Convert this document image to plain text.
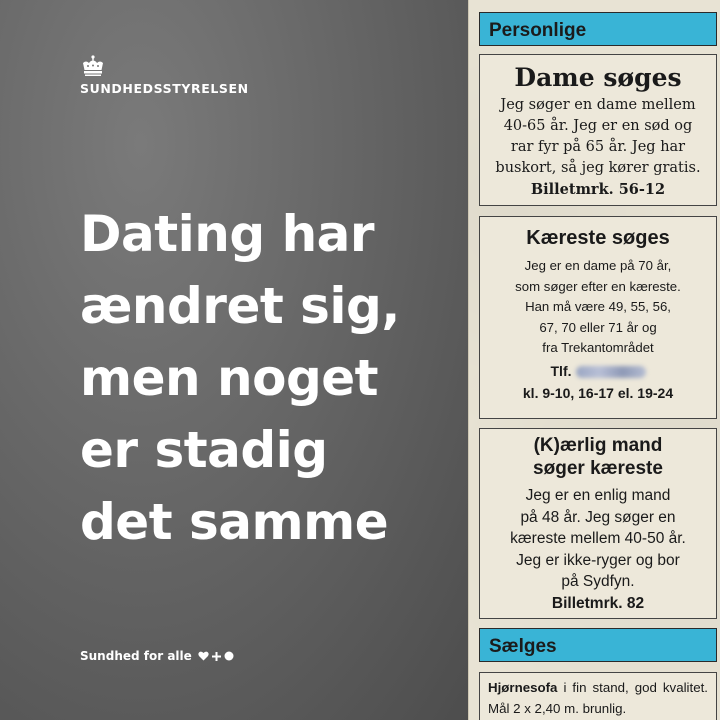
SUNDHEDSSTYRELSEN
Dating har
ændret sig,
men noget
er stadig
det samme
Sundhed for alle
Personlige
Dame søges
Jeg søger en dame mellem
40-65 år. Jeg er en sød og
rar fyr på 65 år. Jeg har
buskort, så jeg kører gratis.
Billetmrk. 56-12
Kæreste søges
Jeg er en dame på 70 år,
som søger efter en kæreste.
Han må være 49, 55, 56,
67, 70 eller 71 år og
fra Trekantområdet
Tlf.
kl. 9-10, 16-17 el. 19-24
(K)ærlig mand
søger kæreste
Jeg er en enlig mand
på 48 år. Jeg søger en
kæreste mellem 40-50 år.
Jeg er ikke-ryger og bor
på Sydfyn.
Billetmrk. 82
Sælges
Hjørnesofa i fin stand, god kvalitet. Mål 2 x 2,40 m. brunlig.
